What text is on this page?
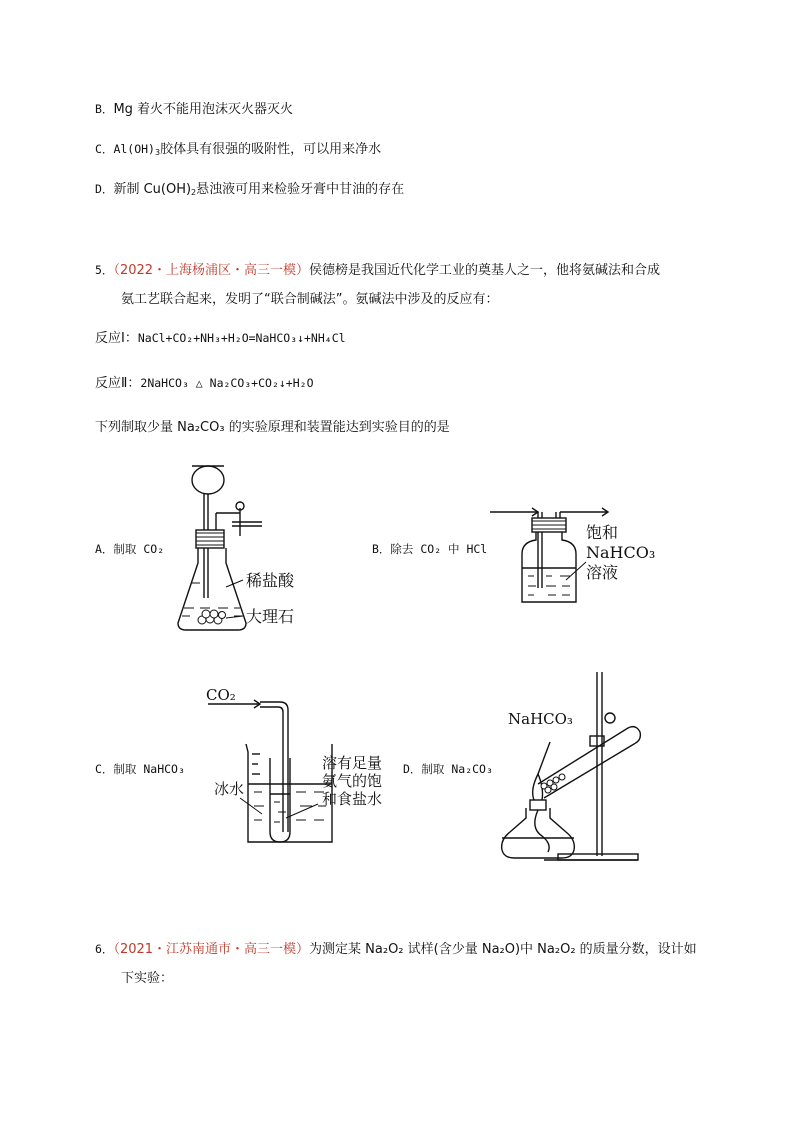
B．Mg 着火不能用泡沫灭火器灭火
C．$Al(OH)_3$胶体具有很强的吸附性，可以用来净水
D．新制 $Cu(OH)_2$悬浊液可用来检验牙膏中甘油的存在
5．（2022・上海杨浦区・高三一模）侯德榜是我国近代化学工业的奠基人之一，他将氨碱法和合成
氨工艺联合起来，发明了“联合制碱法”。氨碱法中涉及的反应有：
反应Ⅰ：NaCl+CO₂+NH₃+H₂O=NaHCO₃↓+NH₄Cl
反应Ⅱ：2NaHCO₃ △ Na₂CO₃+CO₂↓+H₂O
下列制取少量 Na₂CO₃ 的实验原理和装置能达到实验目的的是
A．制取 CO₂
稀盐酸
大理石
B．除去 CO₂ 中 HCl
饱和
NaHCO₃
溶液
C．制取 NaHCO₃
CO₂
冰水
溶有足量
氨气的饱
和食盐水
D．制取 Na₂CO₃
NaHCO₃
6．（2021・江苏南通市・高三一模）为测定某 Na₂O₂ 试样(含少量 Na₂O)中 Na₂O₂ 的质量分数，设计如
下实验：
